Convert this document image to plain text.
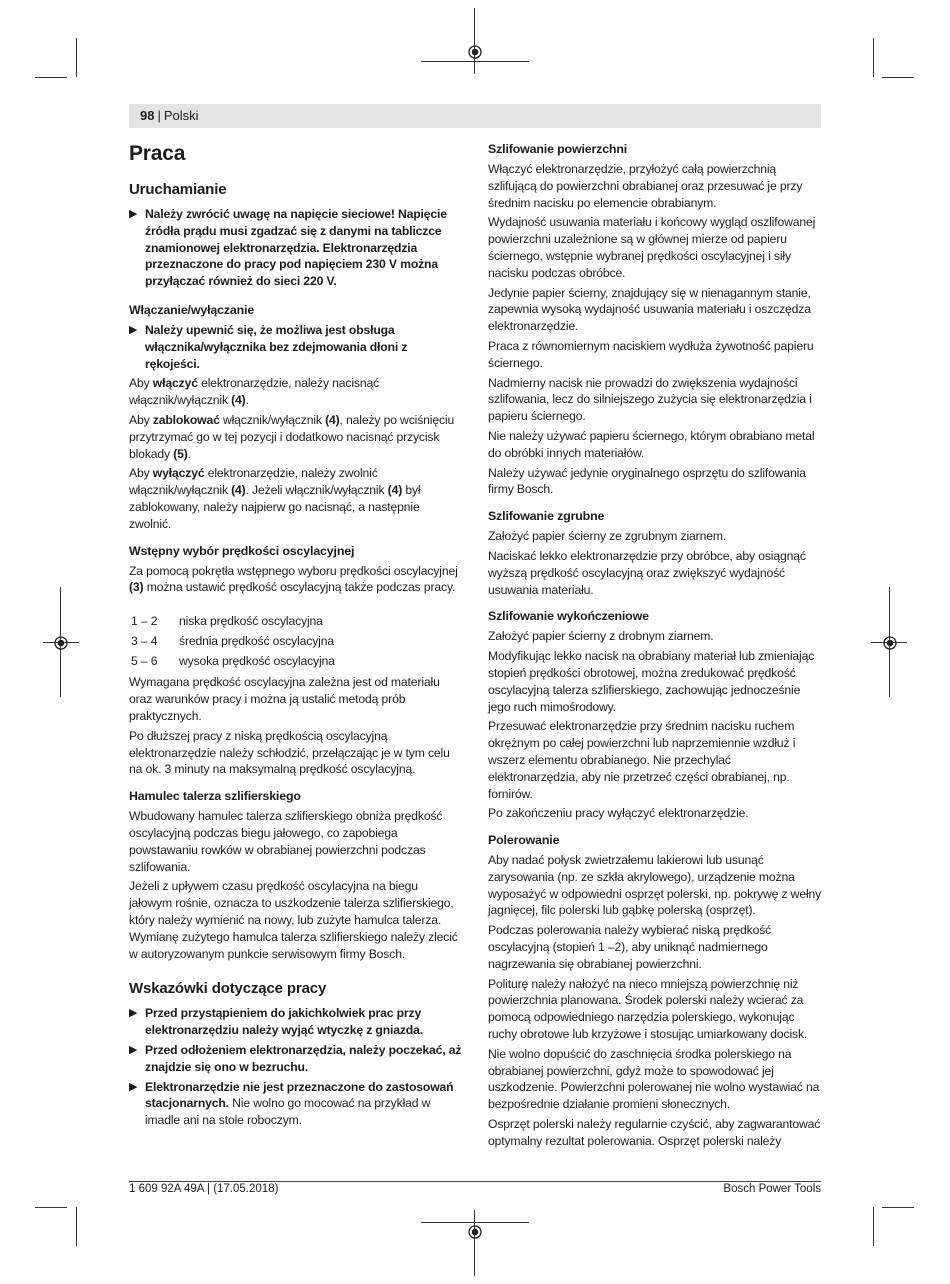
98 | Polski
Praca
Uruchamianie
▶ Należy zwrócić uwagę na napięcie sieciowe! Napięcie źródła prądu musi zgadzać się z danymi na tabliczce znamionowej elektronarzędzia. Elektronarzędzia przeznaczone do pracy pod napięciem 230 V można przyłączać również do sieci 220 V.
Włączanie/wyłączanie
▶ Należy upewnić się, że możliwa jest obsługa włącznika/wyłącznika bez zdejmowania dłoni z rękojeści.

Aby włączyć elektronarzędzie, należy nacisnąć włącznik/wyłącznik (4).

Aby zablokować włącznik/wyłącznik (4), należy po wciśnięciu przytrzymać go w tej pozycji i dodatkowo nacisnąć przycisk blokady (5).

Aby wyłączyć elektronarzędzie, należy zwolnić włącznik/wyłącznik (4). Jeżeli włącznik/wyłącznik (4) był zablokowany, należy najpierw go nacisnąć, a następnie zwolnić.

Wstępny wybór prędkości oscylacyjnej

Za pomocą pokrętła wstępnego wyboru prędkości oscylacyjnej (3) można ustawić prędkość oscylacyjną także podczas pracy.

1 – 2	niska prędkość oscylacyjna
3 – 4	średnia prędkość oscylacyjna
5 – 6	wysoka prędkość oscylacyjna

Wymagana prędkość oscylacyjna zależna jest od materiału oraz warunków pracy i można ją ustalić metodą prób praktycznych.

Po dłuższej pracy z niską prędkością oscylacyjną elektronarzędzie należy schłodzić, przełączając je w tym celu na ok. 3 minuty na maksymalną prędkość oscylacyjną.

Hamulec talerza szlifierskiego

Wbudowany hamulec talerza szlifierskiego obniża prędkość oscylacyjną podczas biegu jałowego, co zapobiega powstawaniu rowków w obrabianej powierzchni podczas szlifowania.

Jeżeli z upływem czasu prędkość oscylacyjna na biegu jałowym rośnie, oznacza to uszkodzenie talerza szlifierskiego, który należy wymienić na nowy, lub zużyte hamulca talerza. Wymianę zużytego hamulca talerza szlifierskiego należy zlecić w autoryzowanym punkcie serwisowym firmy Bosch.

Wskazówki dotyczące pracy
▶ Przed przystąpieniem do jakichkolwiek prac przy elektronarzędziu należy wyjąć wtyczkę z gniazda.
▶ Przed odłożeniem elektronarzędzia, należy poczekać, aż znajdzie się ono w bezruchu.
▶ Elektronarzędzie nie jest przeznaczone do zastosowań stacjonarnych. Nie wolno go mocować na przykład w imadle ani na stole roboczym.
Szlifowanie powierzchni

Włączyć elektronarzędzie, przyłożyć całą powierzchnią szlifującą do powierzchni obrabianej oraz przesuwać je przy średnim nacisku po elemencie obrabianym.

Wydajność usuwania materiału i końcowy wygląd oszlifowanej powierzchni uzależnione są w głównej mierze od papieru ściernego, wstępnie wybranej prędkości oscylacyjnej i siły nacisku podczas obróbce.

Jedynie papier ścierny, znajdujący się w nienagannym stanie, zapewnia wysoką wydajność usuwania materiału i oszczędza elektronarzędzie.

Praca z równomiernym naciskiem wydłuża żywotność papieru ściernego.

Nadmierny nacisk nie prowadzi do zwiększenia wydajności szlifowania, lecz do silniejszego zużycia się elektronarzędzia i papieru ściernego.

Nie należy używać papieru ściernego, którym obrabiano metal do obróbki innych materiałów.

Należy używać jedynie oryginalnego osprzętu do szlifowania firmy Bosch.

Szlifowanie zgrubne

Założyć papier ścierny ze zgrubnym ziarnem.

Naciskać lekko elektronarzędzie przy obróbce, aby osiągnąć wyższą prędkość oscylacyjną oraz zwiększyć wydajność usuwania materiału.

Szlifowanie wykończeniowe

Założyć papier ścierny z drobnym ziarnem.

Modyfikując lekko nacisk na obrabiany materiał lub zmieniając stopień prędkości obrotowej, można zredukować prędkość oscylacyjną talerza szlifierskiego, zachowując jednocześnie jego ruch mimośrodowy.

Przesuwać elektronarzędzie przy średnim nacisku ruchem okrężnym po całej powierzchni lub naprzemiennie wzdłuż i wszerz elementu obrabianego. Nie przechylać elektronarzędzia, aby nie przetrzeć części obrabianej, np. fornirów.

Po zakończeniu pracy wyłączyć elektronarzędzie.

Polerowanie

Aby nadać połysk zwietrzałemu lakierowi lub usunąć zarysowania (np. ze szkła akrylowego), urządzenie można wyposażyć w odpowiedni osprzęt polerski, np. pokrywę z wełny jagnięcej, filc polerski lub gąbkę polerską (osprzęt).

Podczas polerowania należy wybierać niską prędkość oscylacyjną (stopień 1 –2), aby uniknąć nadmiernego nagrzewania się obrabianej powierzchni.

Politurę należy nałożyć na nieco mniejszą powierzchnię niż powierzchnia planowana. Środek polerski należy wcierać za pomocą odpowiedniego narzędzia polerskiego, wykonując ruchy obrotowe lub krzyżowe i stosując umiarkowany docisk.

Nie wolno dopuścić do zaschnięcia środka polerskiego na obrabianej powierzchni, gdyż może to spowodować jej uszkodzenie. Powierzchni polerowanej nie wolno wystawiać na bezpośrednie działanie promieni słonecznych.

Osprzęt polerski należy regularnie czyścić, aby zagwarantować optymalny rezultat polerowania. Osprzęt polerski należy

1 609 92A 49A | (17.05.2018)	Bosch Power Tools
